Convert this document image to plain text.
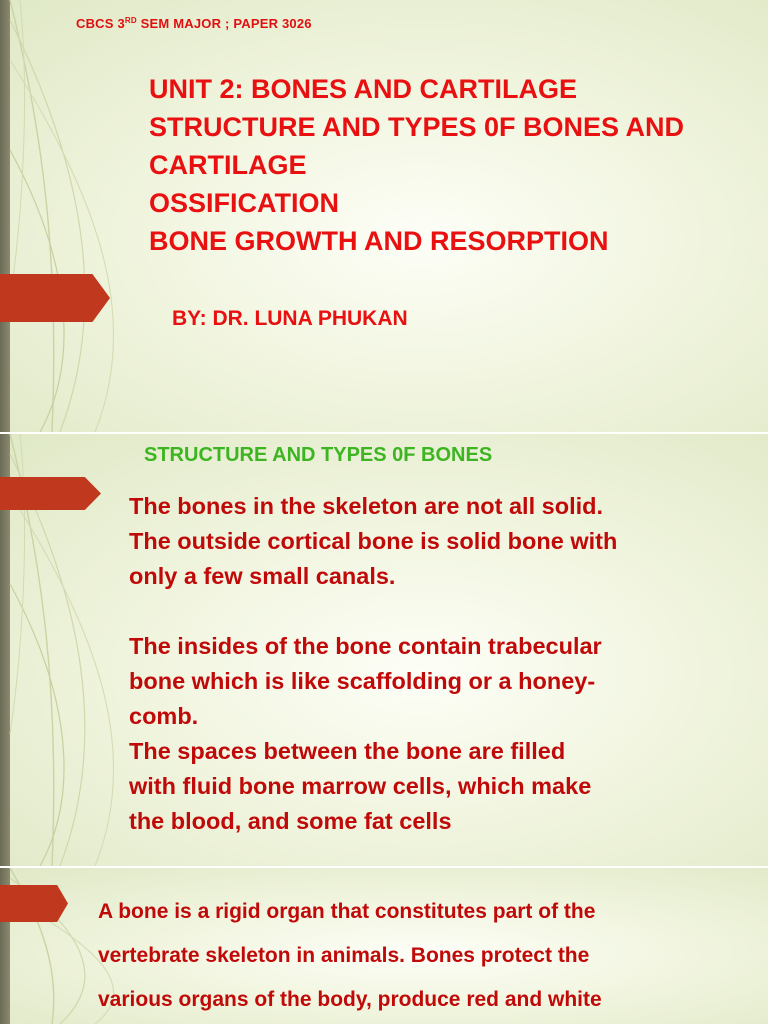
CBCS 3RD SEM MAJOR ; PAPER 3026
UNIT 2: BONES AND CARTILAGE
STRUCTURE AND TYPES 0F BONES AND
CARTILAGE
OSSIFICATION
BONE GROWTH AND RESORPTION
BY: DR. LUNA PHUKAN
STRUCTURE AND TYPES 0F BONES

The bones in the skeleton are not all solid.
The outside cortical bone is solid bone with
only a few small canals.

The insides of the bone contain trabecular
bone which is like scaffolding or a honey-
comb.

The spaces between the bone are filled
with fluid bone marrow cells, which make
the blood, and some fat cells

A bone is a rigid organ that constitutes part of the
vertebrate skeleton in animals. Bones protect the
various organs of the body, produce red and white
